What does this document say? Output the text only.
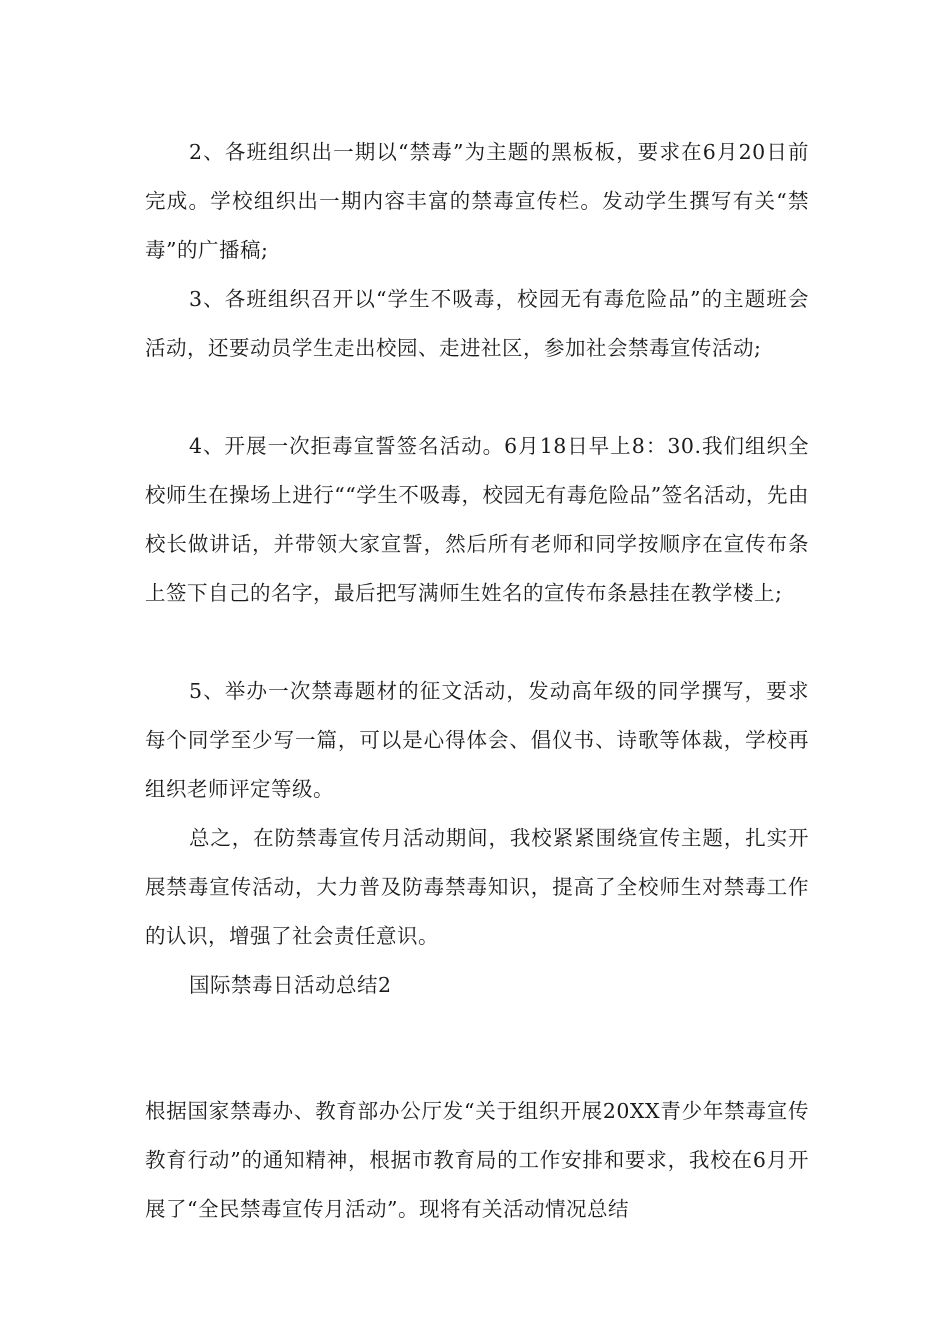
2、各班组织出一期以“禁毒”为主题的黑板板，要求在6月20日前完成。学校组织出一期内容丰富的禁毒宣传栏。发动学生撰写有关“禁毒”的广播稿;

3、各班组织召开以“学生不吸毒，校园无有毒危险品”的主题班会活动，还要动员学生走出校园、走进社区，参加社会禁毒宣传活动;

4、开展一次拒毒宣誓签名活动。6月18日早上8：30.我们组织全校师生在操场上进行““学生不吸毒，校园无有毒危险品”签名活动，先由校长做讲话，并带领大家宣誓，然后所有老师和同学按顺序在宣传布条上签下自己的名字，最后把写满师生姓名的宣传布条悬挂在教学楼上;

5、举办一次禁毒题材的征文活动，发动高年级的同学撰写，要求每个同学至少写一篇，可以是心得体会、倡仪书、诗歌等体裁，学校再组织老师评定等级。

总之，在防禁毒宣传月活动期间，我校紧紧围绕宣传主题，扎实开展禁毒宣传活动，大力普及防毒禁毒知识，提高了全校师生对禁毒工作的认识，增强了社会责任意识。

国际禁毒日活动总结2

根据国家禁毒办、教育部办公厅发“关于组织开展20XX青少年禁毒宣传教育行动”的通知精神，根据市教育局的工作安排和要求，我校在6月开展了“全民禁毒宣传月活动”。现将有关活动情况总结
